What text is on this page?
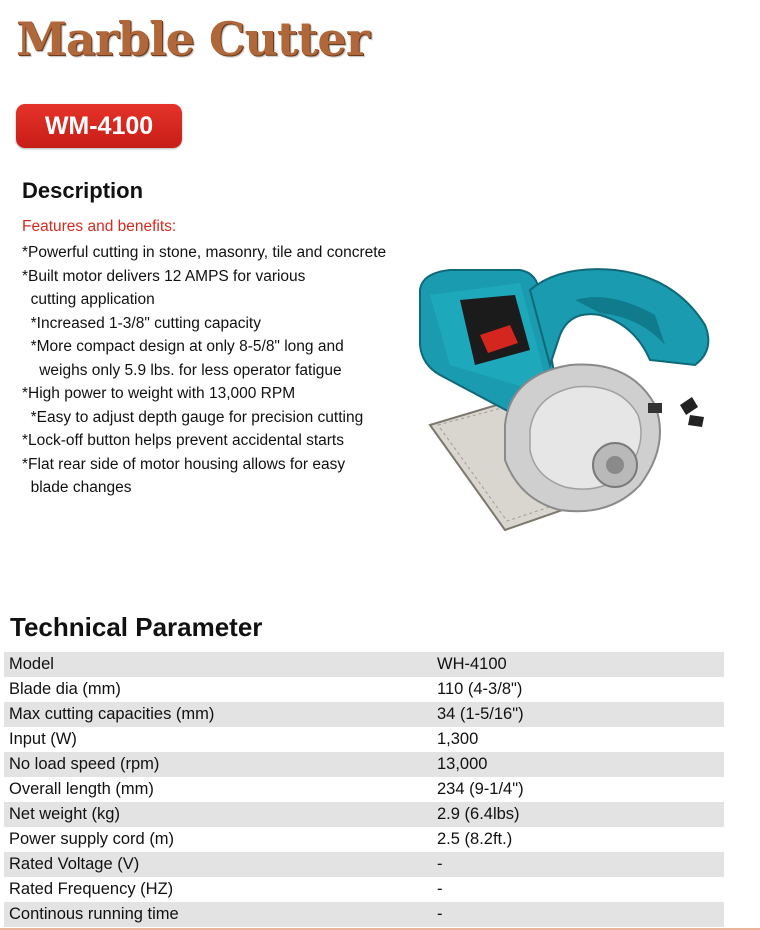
Marble Cutter
WM-4100
Description
Features and benefits:
*Powerful cutting in stone, masonry, tile and concrete
*Built motor delivers 12 AMPS for various
cutting application
*Increased 1-3/8" cutting capacity
*More compact design at only 8-5/8" long and
weighs only 5.9 lbs. for less operator fatigue
*High power to weight with 13,000 RPM
*Easy to adjust depth gauge for precision cutting
*Lock-off button helps prevent accidental starts
*Flat rear side of motor housing allows for easy
blade changes
Technical Parameter
Model	WH-4100
Blade dia (mm)	110 (4-3/8")
Max cutting capacities (mm)	34 (1-5/16")
Input (W)	1,300
No load speed (rpm)	13,000
Overall length (mm)	234 (9-1/4")
Net weight (kg)	2.9 (6.4lbs)
Power supply cord (m)	2.5 (8.2ft.)
Rated Voltage (V)	-
Rated Frequency (HZ)	-
Continous running time	-
